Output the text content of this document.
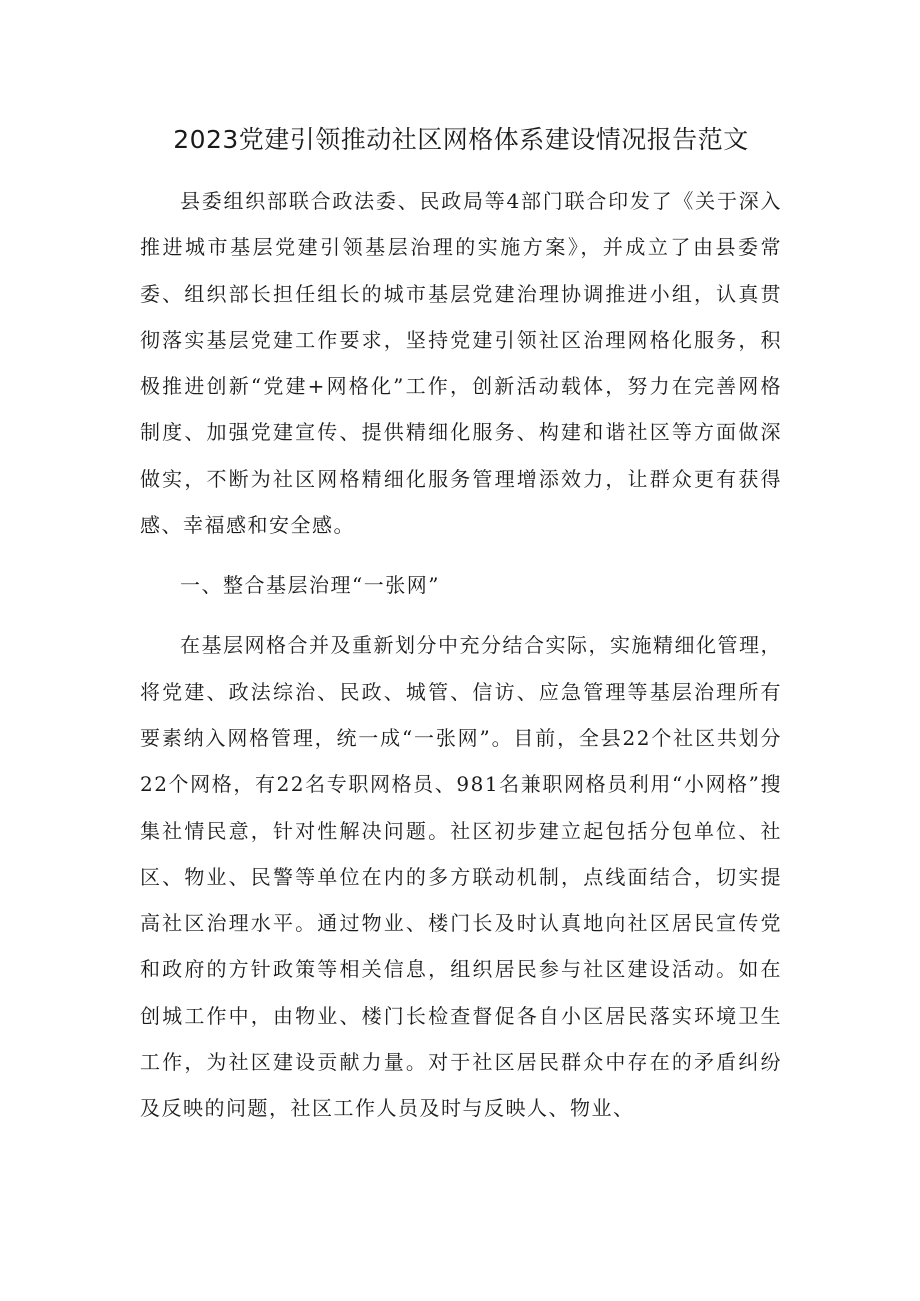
2023党建引领推动社区网格体系建设情况报告范文

县委组织部联合政法委、民政局等4部门联合印发了《关于深入推进城市基层党建引领基层治理的实施方案》，并成立了由县委常委、组织部长担任组长的城市基层党建治理协调推进小组，认真贯彻落实基层党建工作要求，坚持党建引领社区治理网格化服务，积极推进创新“党建+网格化”工作，创新活动载体，努力在完善网格制度、加强党建宣传、提供精细化服务、构建和谐社区等方面做深做实，不断为社区网格精细化服务管理增添效力，让群众更有获得感、幸福感和安全感。

一、整合基层治理“一张网”

在基层网格合并及重新划分中充分结合实际，实施精细化管理，将党建、政法综治、民政、城管、信访、应急管理等基层治理所有要素纳入网格管理，统一成“一张网”。目前，全县22个社区共划分22个网格，有22名专职网格员、981名兼职网格员利用“小网格”搜集社情民意，针对性解决问题。社区初步建立起包括分包单位、社区、物业、民警等单位在内的多方联动机制，点线面结合，切实提高社区治理水平。通过物业、楼门长及时认真地向社区居民宣传党和政府的方针政策等相关信息，组织居民参与社区建设活动。如在创城工作中，由物业、楼门长检查督促各自小区居民落实环境卫生工作，为社区建设贡献力量。对于社区居民群众中存在的矛盾纠纷及反映的问题，社区工作人员及时与反映人、物业、
